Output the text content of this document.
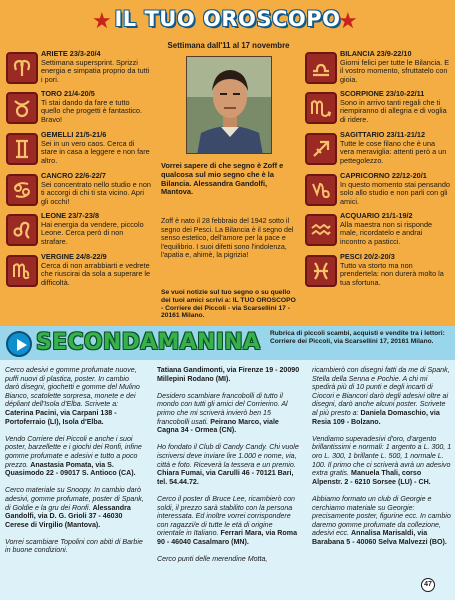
★ IL TUO OROSCOPO
★
ARIETE 23/3-20/4
Settimana supersprint. Sprizzi energia e simpatia proprio da tutti i pori.
TORO 21/4-20/5
Ti stai dando da fare e tutto quello che progetti è fantastico. Bravo!
GEMELLI 21/5-21/6
Sei in un vero caos. Cerca di stare in casa a leggere e non fare altro.
CANCRO 22/6-22/7
Sei concentrato nello studio e non ti accorgi di chi ti sta vicino. Apri gli occhi!
LEONE 23/7-23/8
Hai energia da vendere, piccolo Leone. Cerca però di non strafare.
VERGINE 24/8-22/9
Cerca di non arrabbiarti e vedrete che riuscirai da sola a superare le difficoltà.
BILANCIA 23/9-22/10
Giorni felici per tutte le Bilancia. E il vostro momento, sfruttatelo con gioia.
SCORPIONE 23/10-22/11
Sono in arrivo tanti regali che ti riempiranno di allegria e di voglia di ridere.
SAGITTARIO 23/11-21/12
Tutte le cose filano che è una vera meraviglia: attenti però a un pettegolezzo.
CAPRICORNO 22/12-20/1
In questo momento stai pensando solo allo studio e non parli con gli amici.
ACQUARIO 21/1-19/2
Alla maestra non si risponde male, ricordatelo e andrai incontro a pasticci.
PESCI 20/2-20/3
Tutto va storto ma non prendertela: non durerà molto la tua sfortuna.
Settimana dall'11 al 17 novembre
Vorrei sapere di che segno è Zoff e qualcosa sul mio segno che è la Bilancia. Alessandra Gandolfi, Mantova.
Zoff è nato il 28 febbraio del 1942 sotto il segno dei Pesci. La Bilancia è il segno del senso estetico, dell'amore per la pace e l'equilibrio. I suoi difetti sono l'indolenza, l'apatia e, ahimè, la pigrizia!
Se vuoi notizie sul tuo segno o su quello dei tuoi amici scrivi a: IL TUO OROSCOPO - Corriere dei Piccoli - via Scarsellini 17 - 20161 Milano.
SECONDAMANINA Rubrica di piccoli scambi, acquisti e vendite tra i lettori: Corriere dei Piccoli, via Scarsellini 17, 20161 Milano.

Cerco adesivi e gomme profumate nuove, puffi nuovi di plastica, poster. In cambio darò disegni, giochetti e gomme del Mulino Bianco, scatolette sorpresa, monete e dei dépliant dell'Isola d'Elba. Scrivete a: Caterina Pacini, via Carpani 138 - Portoferraio (LI), Isola d'Elba.

Vendo Corriere dei Piccoli e anche i suoi poster, barzellette e i giochi dei Ronfi, infine gomme profumate e adesivi e tutto a poco prezzo. Anastasia Pomata, via S. Quasimodo 22 - 09017 S. Antioco (CA).

Cerco materiale su Snoopy. In cambio darò adesivi, gomme profumate, poster di Spank, di Goldie e la gru dei Ronfi. Alessandra Gandolfi, via D. G. Grioli 37 - 46030 Cerese di Virgilio (Mantova).

Vorrei scambiare Topolini con abiti di Barbie in buone condizioni.

Tatiana Gandimonti, via Firenze 19 - 20090 Millepini Rodano (MI).

Desidero scambiare francobolli di tutto il mondo con tutti gli amici del Corrierino. Al primo che mi scriverà invierò ben 15 francobolli usati. Peirano Marco, viale Cagna 34 - Ormea (CN).

Ho fondato il Club di Candy Candy. Chi vuole iscriversi deve inviare lire 1.000 e nome, via, città e foto. Riceverà la tessera e un premio. Chiara Fumai, via Carulli 46 - 70121 Bari, tel. 54.44.72.

Cerco il poster di Bruce Lee, ricambierò con soldi, il prezzo sarà stabilito con la persona interessata. Ed inoltre vorrei corrispondere con ragazzi/e di tutte le età di origine orientale in Italiano. Ferrari Mara, via Roma 90 - 46040 Casalmaro (MN).

Cerco punti delle merendine Motta,

ricambierò con disegni fatti da me di Spank, Stella della Senna e Pochie. A chi mi spedirà più di 10 punti e degli incarti di Ciocori e Biancori darò degli adesivi oltre ai disegni, darò anche alcuni poster. Scrivete al più presto a: Daniela Domaschio, via Resia 109 - Bolzano.

Vendiamo superadesivi d'oro, d'argento brillantissimi e normali: 1 argento a L. 300, 1 oro L. 300, 1 brillante L. 500, 1 normale L. 100. Il primo che ci scriverà avrà un adesivo extra gratis. Manuela Thali, corso Alpenstr. 2 - 6210 Sorsee (LU) - CH.

Abbiamo formato un club di Georgie e cerchiamo materiale su Georgie: precisamente poster, figurine ecc. In cambio daremo gomme profumate da collezione, adesivi ecc. Annalisa Marisaldi, via Barabana 5 - 40060 Selva Malvezzi (BO).

47
